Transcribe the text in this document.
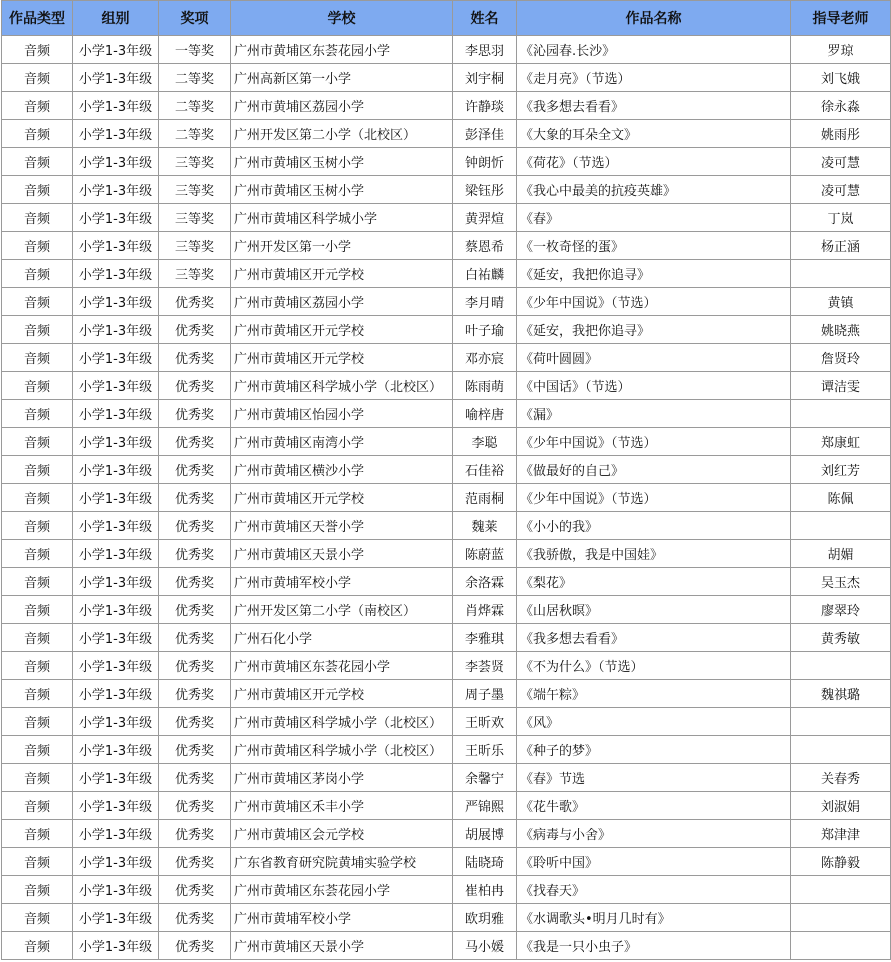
作品类型	组别	奖项	学校	姓名	作品名称	指导老师
音频	小学1-3年级	一等奖	广州市黄埔区东荟花园小学	李思羽	《沁园春.长沙》	罗琼
音频	小学1-3年级	二等奖	广州高新区第一小学	刘宇桐	《走月亮》（节选）	刘飞娥
音频	小学1-3年级	二等奖	广州市黄埔区荔园小学	许静琰	《我多想去看看》	徐永淼
音频	小学1-3年级	二等奖	广州开发区第二小学（北校区）	彭泽佳	《大象的耳朵全文》	姚雨彤
音频	小学1-3年级	三等奖	广州市黄埔区玉树小学	钟朗忻	《荷花》（节选）	凌可慧
音频	小学1-3年级	三等奖	广州市黄埔区玉树小学	梁钰彤	《我心中最美的抗疫英雄》	凌可慧
音频	小学1-3年级	三等奖	广州市黄埔区科学城小学	黄羿煊	《春》	丁岚
音频	小学1-3年级	三等奖	广州开发区第一小学	蔡恩希	《一枚奇怪的蛋》	杨正涵
音频	小学1-3年级	三等奖	广州市黄埔区开元学校	白祐麟	《延安，我把你追寻》	
音频	小学1-3年级	优秀奖	广州市黄埔区荔园小学	李月晴	《少年中国说》（节选）	黄镇
音频	小学1-3年级	优秀奖	广州市黄埔区开元学校	叶子瑜	《延安，我把你追寻》	姚晓燕
音频	小学1-3年级	优秀奖	广州市黄埔区开元学校	邓亦宸	《荷叶圆圆》	詹贤玲
音频	小学1-3年级	优秀奖	广州市黄埔区科学城小学（北校区）	陈雨萌	《中国话》（节选）	谭洁雯
音频	小学1-3年级	优秀奖	广州市黄埔区怡园小学	喻梓唐	《漏》	
音频	小学1-3年级	优秀奖	广州市黄埔区南湾小学	李聪	《少年中国说》（节选）	郑康虹
音频	小学1-3年级	优秀奖	广州市黄埔区横沙小学	石佳裕	《做最好的自己》	刘红芳
音频	小学1-3年级	优秀奖	广州市黄埔区开元学校	范雨桐	《少年中国说》（节选）	陈佩
音频	小学1-3年级	优秀奖	广州市黄埔区天誉小学	魏莱	《小小的我》	
音频	小学1-3年级	优秀奖	广州市黄埔区天景小学	陈蔚蓝	《我骄傲，我是中国娃》	胡媚
音频	小学1-3年级	优秀奖	广州市黄埔军校小学	余洛霖	《梨花》	吴玉杰
音频	小学1-3年级	优秀奖	广州开发区第二小学（南校区）	肖烨霖	《山居秋暝》	廖翠玲
音频	小学1-3年级	优秀奖	广州石化小学	李雅琪	《我多想去看看》	黄秀敏
音频	小学1-3年级	优秀奖	广州市黄埔区东荟花园小学	李荟贤	《不为什么》（节选）	
音频	小学1-3年级	优秀奖	广州市黄埔区开元学校	周子墨	《端午粽》	魏祺璐
音频	小学1-3年级	优秀奖	广州市黄埔区科学城小学（北校区）	王昕欢	《风》	
音频	小学1-3年级	优秀奖	广州市黄埔区科学城小学（北校区）	王昕乐	《种子的梦》	
音频	小学1-3年级	优秀奖	广州市黄埔区茅岗小学	余馨宁	《春》节选	关春秀
音频	小学1-3年级	优秀奖	广州市黄埔区禾丰小学	严锦熙	《花牛歌》	刘淑娟
音频	小学1-3年级	优秀奖	广州市黄埔区会元学校	胡展博	《病毒与小舍》	郑津津
音频	小学1-3年级	优秀奖	广东省教育研究院黄埔实验学校	陆晓琦	《聆听中国》	陈静毅
音频	小学1-3年级	优秀奖	广州市黄埔区东荟花园小学	崔柏冉	《找春天》	
音频	小学1-3年级	优秀奖	广州市黄埔军校小学	欧玥雅	《水调歌头•明月几时有》	
音频	小学1-3年级	优秀奖	广州市黄埔区天景小学	马小媛	《我是一只小虫子》	
